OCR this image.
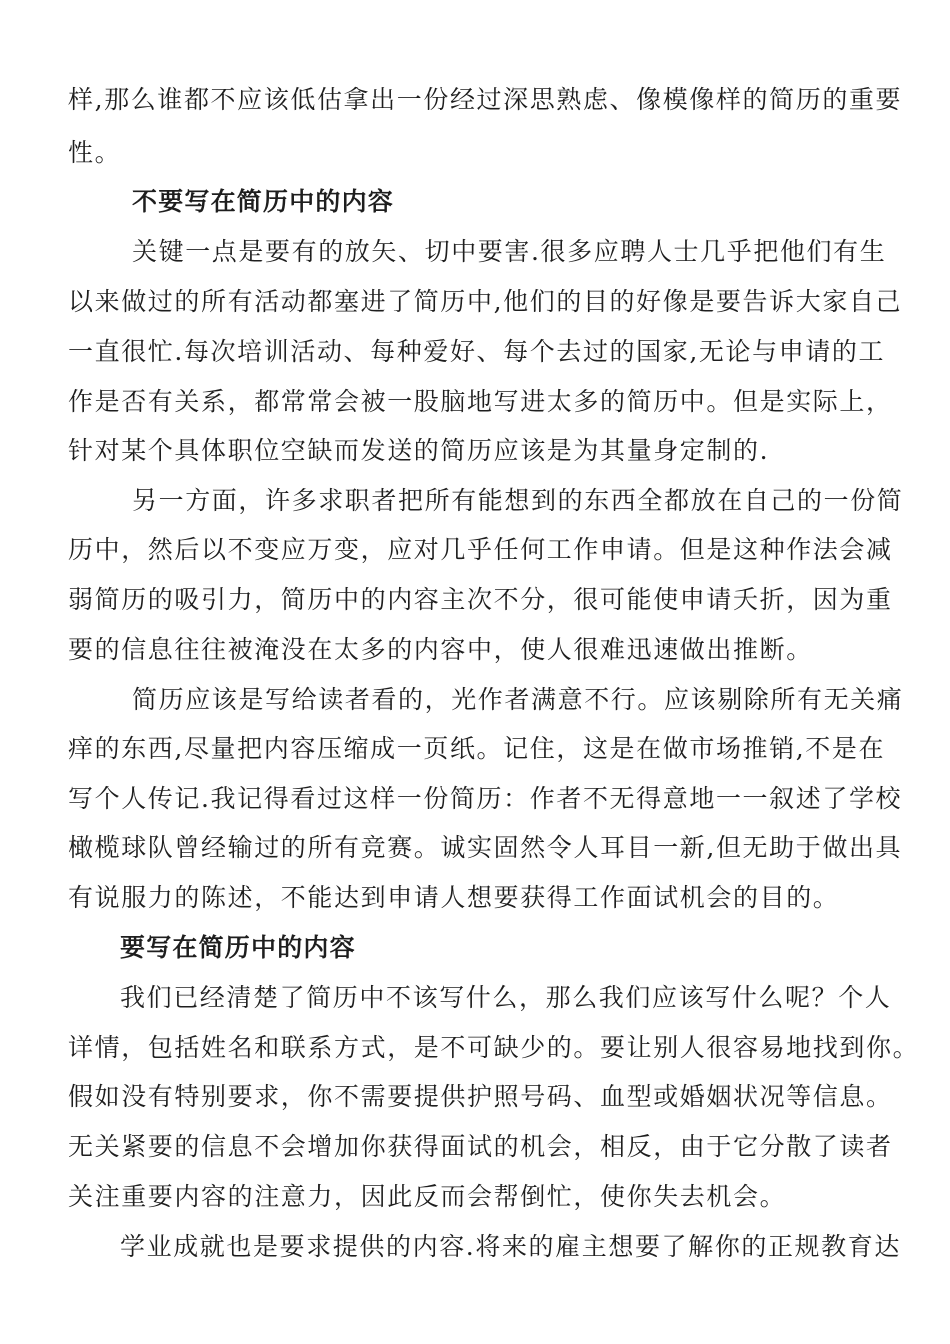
样,那么谁都不应该低估拿出一份经过深思熟虑、像模像样的简历的重要
性。
不要写在简历中的内容
关键一点是要有的放矢、切中要害.很多应聘人士几乎把他们有生
以来做过的所有活动都塞进了简历中,他们的目的好像是要告诉大家自己
一直很忙.每次培训活动、每种爱好、每个去过的国家,无论与申请的工
作是否有关系，都常常会被一股脑地写进太多的简历中。但是实际上，
针对某个具体职位空缺而发送的简历应该是为其量身定制的.
另一方面，许多求职者把所有能想到的东西全都放在自己的一份简
历中，然后以不变应万变，应对几乎任何工作申请。但是这种作法会减
弱简历的吸引力，简历中的内容主次不分，很可能使申请夭折，因为重
要的信息往往被淹没在太多的内容中，使人很难迅速做出推断。
简历应该是写给读者看的，光作者满意不行。应该剔除所有无关痛
痒的东西,尽量把内容压缩成一页纸。记住，这是在做市场推销,不是在
写个人传记.我记得看过这样一份简历：作者不无得意地一一叙述了学校
橄榄球队曾经输过的所有竞赛。诚实固然令人耳目一新,但无助于做出具
有说服力的陈述，不能达到申请人想要获得工作面试机会的目的。
要写在简历中的内容
我们已经清楚了简历中不该写什么，那么我们应该写什么呢？个人
详情，包括姓名和联系方式，是不可缺少的。要让别人很容易地找到你。
假如没有特别要求，你不需要提供护照号码、血型或婚姻状况等信息。
无关紧要的信息不会增加你获得面试的机会，相反，由于它分散了读者
关注重要内容的注意力，因此反而会帮倒忙，使你失去机会。
学业成就也是要求提供的内容.将来的雇主想要了解你的正规教育达
